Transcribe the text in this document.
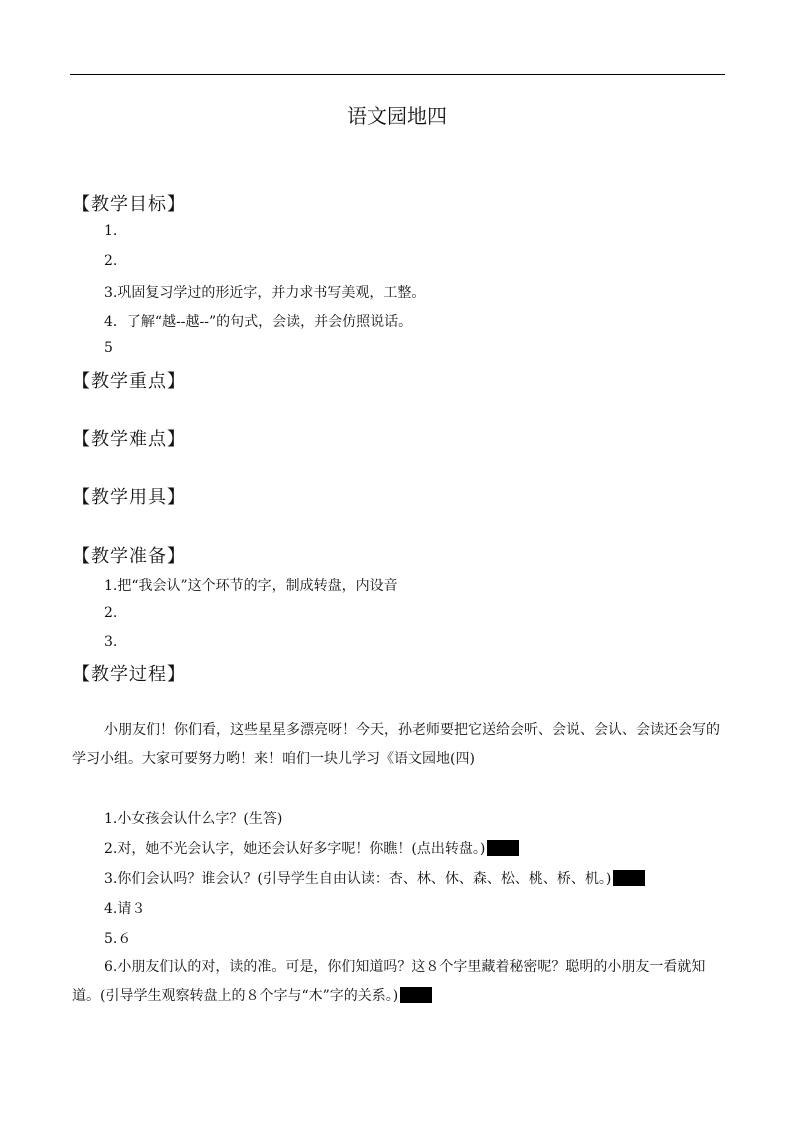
语文园地四
【教学目标】
1.
2.
3.巩固复习学过的形近字，并力求书写美观，工整。
4．了解“越--越--”的句式，会读，并会仿照说话。
5
【教学重点】
【教学难点】
【教学用具】
【教学准备】
1.把“我会认”这个环节的字，制成转盘，内设音
2.
3.
【教学过程】
小朋友们！你们看，这些星星多漂亮呀！今天，孙老师要把它送给会听、会说、会认、会读还会写的学习小组。大家可要努力哟！来！咱们一块儿学习《语文园地(四)
1.小女孩会认什么字？(生答)
2.对，她不光会认字，她还会认好多字呢！你瞧！(点出转盘。)
3.你们会认吗？谁会认？(引导学生自由认读：杏、林、休、森、松、桃、桥、机。)
4.请３
5.６
6.小朋友们认的对，读的准。可是，你们知道吗？这８个字里藏着秘密呢？聪明的小朋友一看就知道。(引导学生观察转盘上的８个字与“木”字的关系。)
